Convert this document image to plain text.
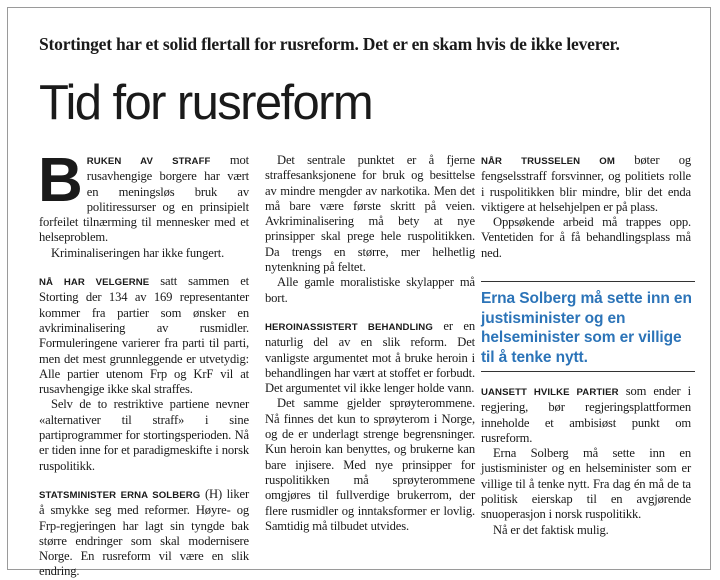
Stortinget har et solid flertall for rusreform. Det er en skam hvis de ikke leverer.
Tid for rusreform

BRUKEN AV STRAFF mot rusavhengige borgere har vært en meningsløs bruk av politiressurser og en prinsipielt forfeilet tilnærming til mennesker med et helseproblem.

Kriminaliseringen har ikke fungert.

NÅ HAR VELGERNE satt sammen et Storting der 134 av 169 representanter kommer fra partier som ønsker en avkriminalisering av rusmidler. Formuleringene varierer fra parti til parti, men det mest grunnleggende er utvetydig: Alle partier utenom Frp og KrF vil at rusavhengige ikke skal straffes.

Selv de to restriktive partiene nevner «alternativer til straff» i sine partiprogrammer for stortingsperioden. Nå er tiden inne for et paradigmeskifte i norsk ruspolitikk.

STATSMINISTER ERNA SOLBERG (H) liker å smykke seg med reformer. Høyre- og Frp-regjeringen har lagt sin tyngde bak større endringer som skal modernisere Norge. En rusreform vil være en slik endring.

Det sentrale punktet er å fjerne straffesanksjonene for bruk og besittelse av mindre mengder av narkotika. Men det må bare være første skritt på veien. Avkriminalisering må bety at nye prinsipper skal prege hele ruspolitikken. Da trengs en større, mer helhetlig nytenkning på feltet.

Alle gamle moralistiske skylapper må bort.

HEROINASSISTERT BEHANDLING er en naturlig del av en slik reform. Det vanligste argumentet mot å bruke heroin i behandlingen har vært at stoffet er forbudt. Det argumentet vil ikke lenger holde vann.

Det samme gjelder sprøyterommene. Nå finnes det kun to sprøyterom i Norge, og de er underlagt strenge begrensninger. Kun heroin kan benyttes, og brukerne kan bare injisere. Med nye prinsipper for ruspolitikken må sprøyterommene omgjøres til fullverdige brukerrom, der flere rusmidler og inntaksformer er lovlig. Samtidig må tilbudet utvides.

NÅR TRUSSELEN OM bøter og fengselsstraff forsvinner, og politiets rolle i ruspolitikken blir mindre, blir det enda viktigere at helsehjelpen er på plass.

Oppsøkende arbeid må trappes opp. Ventetiden for å få behandlingsplass må ned.

Erna Solberg må sette inn en justisminister og en helseminister som er villige til å tenke nytt.

UANSETT HVILKE PARTIER som ender i regjering, bør regjeringsplattformen inneholde et ambisiøst punkt om rusreform.

Erna Solberg må sette inn en justisminister og en helseminister som er villige til å tenke nytt. Fra dag én må de ta politisk eierskap til en avgjørende snuoperasjon i norsk ruspolitikk.

Nå er det faktisk mulig.
